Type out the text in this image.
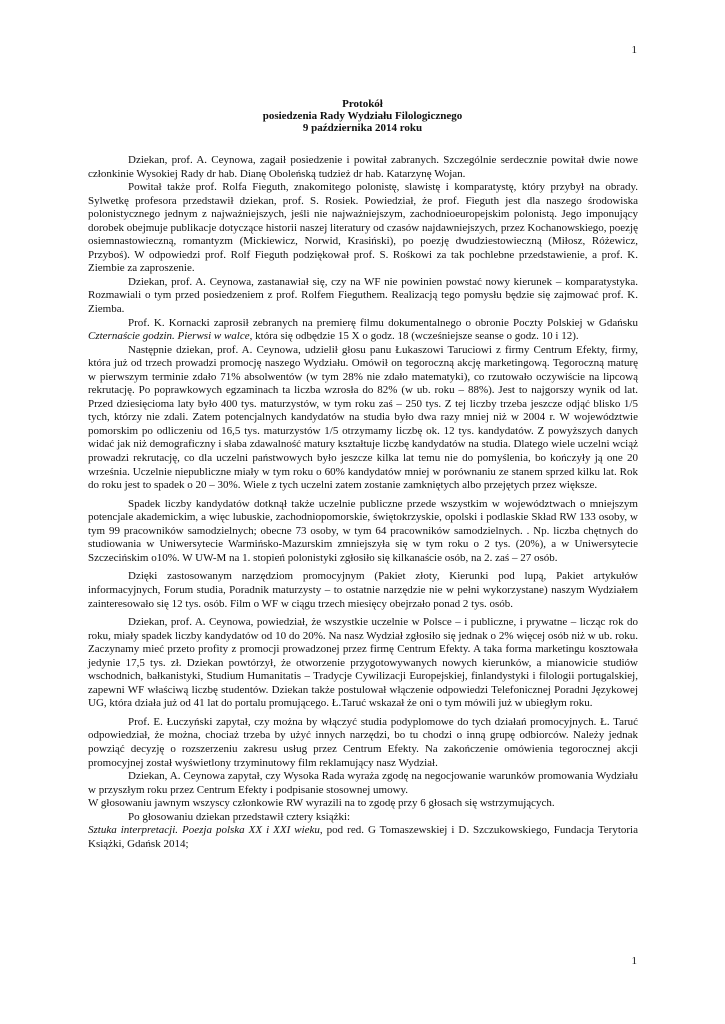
1
Protokół
posiedzenia Rady Wydziału Filologicznego
9 października 2014 roku

Dziekan, prof. A. Ceynowa, zagaił posiedzenie i powitał zabranych. Szczególnie serdecznie powitał dwie nowe członkinie Wysokiej Rady dr hab. Dianę Oboleńską tudzież dr hab. Katarzynę Wojan.

Powitał także prof. Rolfa Fieguth, znakomitego polonistę, slawistę i komparatystę, który przybył na obrady. Sylwetkę profesora przedstawił dziekan, prof. S. Rosiek. Powiedział, że prof. Fieguth jest dla naszego środowiska polonistycznego jednym z najważniejszych, jeśli nie najważniejszym, zachodnioeuropejskim polonistą. Jego imponujący dorobek obejmuje publikacje dotyczące historii naszej literatury od czasów najdawniejszych, przez Kochanowskiego, poezję osiemnastowieczną, romantyzm (Mickiewicz, Norwid, Krasiński), po poezję dwudziestowieczną (Miłosz, Różewicz, Przyboś). W odpowiedzi prof. Rolf Fieguth podziękował prof. S. Rośkowi za tak pochlebne przedstawienie, a prof. K. Ziembie za zaproszenie.

Dziekan, prof. A. Ceynowa, zastanawiał się, czy na WF nie powinien powstać nowy kierunek – komparatystyka. Rozmawiali o tym przed posiedzeniem z prof. Rolfem Fieguthem. Realizacją tego pomysłu będzie się zajmować prof. K. Ziemba.

Prof. K. Kornacki zaprosił zebranych na premierę filmu dokumentalnego o obronie Poczty Polskiej w Gdańsku Czternaście godzin. Pierwsi w walce, która się odbędzie 15 X o godz. 18 (wcześniejsze seanse o godz. 10 i 12).

Następnie dziekan, prof. A. Ceynowa, udzielił głosu panu Łukaszowi Taruciowi z firmy Centrum Efekty, firmy, która już od trzech prowadzi promocję naszego Wydziału. Omówił on tegoroczną akcję marketingową. Tegoroczną maturę w pierwszym terminie zdało 71% absolwentów (w tym 28% nie zdało matematyki), co rzutowało oczywiście na lipcową rekrutację. Po poprawkowych egzaminach ta liczba wzrosła do 82% (w ub. roku – 88%). Jest to najgorszy wynik od lat. Przed dziesięcioma laty było 400 tys. maturzystów, w tym roku zaś – 250 tys. Z tej liczby trzeba jeszcze odjąć blisko 1/5 tych, którzy nie zdali. Zatem potencjalnych kandydatów na studia było dwa razy mniej niż w 2004 r. W województwie pomorskim po odliczeniu od 16,5 tys. maturzystów 1/5 otrzymamy liczbę ok. 12 tys. kandydatów. Z powyższych danych widać jak niż demograficzny i słaba zdawalność matury kształtuje liczbę kandydatów na studia. Dlatego wiele uczelni wciąż prowadzi rekrutację, co dla uczelni państwowych było jeszcze kilka lat temu nie do pomyślenia, bo kończyły ją one 20 września. Uczelnie niepubliczne miały w tym roku o 60% kandydatów mniej w porównaniu ze stanem sprzed kilku lat. Rok do roku jest to spadek o 20 – 30%. Wiele z tych uczelni zatem zostanie zamkniętych albo przejętych przez większe.

Spadek liczby kandydatów dotknął także uczelnie publiczne przede wszystkim w województwach o mniejszym potencjale akademickim, a więc lubuskie, zachodniopomorskie, świętokrzyskie, opolski i podlaskie Skład RW 133 osoby, w tym 99 pracowników samodzielnych; obecne 73 osoby, w tym 64 pracowników samodzielnych. . Np. liczba chętnych do studiowania w Uniwersytecie Warmińsko-Mazurskim zmniejszyła się w tym roku o 2 tys. (20%), a w Uniwersytecie Szczecińskim o10%. W UW-M na 1. stopień polonistyki zgłosiło się kilkanaście osób, na 2. zaś – 27 osób.

Dzięki zastosowanym narzędziom promocyjnym (Pakiet złoty, Kierunki pod lupą, Pakiet artykułów informacyjnych, Forum studia, Poradnik maturzysty – to ostatnie narzędzie nie w pełni wykorzystane) naszym Wydziałem zainteresowało się 12 tys. osób. Film o WF w ciągu trzech miesięcy obejrzało ponad 2 tys. osób.

Dziekan, prof. A. Ceynowa, powiedział, że wszystkie uczelnie w Polsce – i publiczne, i prywatne – licząc rok do roku, miały spadek liczby kandydatów od 10 do 20%. Na nasz Wydział zgłosiło się jednak o 2% więcej osób niż w ub. roku. Zaczynamy mieć przeto profity z promocji prowadzonej przez firmę Centrum Efekty. A taka forma marketingu kosztowała jedynie 17,5 tys. zł. Dziekan powtórzył, że otworzenie przygotowywanych nowych kierunków, a mianowicie studiów wschodnich, bałkanistyki, Studium Humanitatis – Tradycje Cywilizacji Europejskiej, finlandystyki i filologii portugalskiej, zapewni WF właściwą liczbę studentów. Dziekan także postulował włączenie odpowiedzi Telefonicznej Poradni Językowej UG, która działa już od 41 lat do portalu promującego. Ł.Taruć wskazał że oni o tym mówili już w ubiegłym roku.

Prof. E. Łuczyński zapytał, czy można by włączyć studia podyplomowe do tych działań promocyjnych. Ł. Taruć odpowiedział, że można, chociaż trzeba by użyć innych narzędzi, bo tu chodzi o inną grupę odbiorców. Należy jednak powziąć decyzję o rozszerzeniu zakresu usług przez Centrum Efekty. Na zakończenie omówienia tegorocznej akcji promocyjnej został wyświetlony trzyminutowy film reklamujący nasz Wydział.

Dziekan, A. Ceynowa zapytał, czy Wysoka Rada wyraża zgodę na negocjowanie warunków promowania Wydziału w przyszłym roku przez Centrum Efekty i podpisanie stosownej umowy.

W głosowaniu jawnym wszyscy członkowie RW wyrazili na to zgodę przy 6 głosach się wstrzymujących.

Po głosowaniu dziekan przedstawił cztery książki:

Sztuka interpretacji. Poezja polska XX i XXI wieku, pod red. G Tomaszewskiej i D. Szczukowskiego, Fundacja Terytoria Książki, Gdańsk 2014;

1
